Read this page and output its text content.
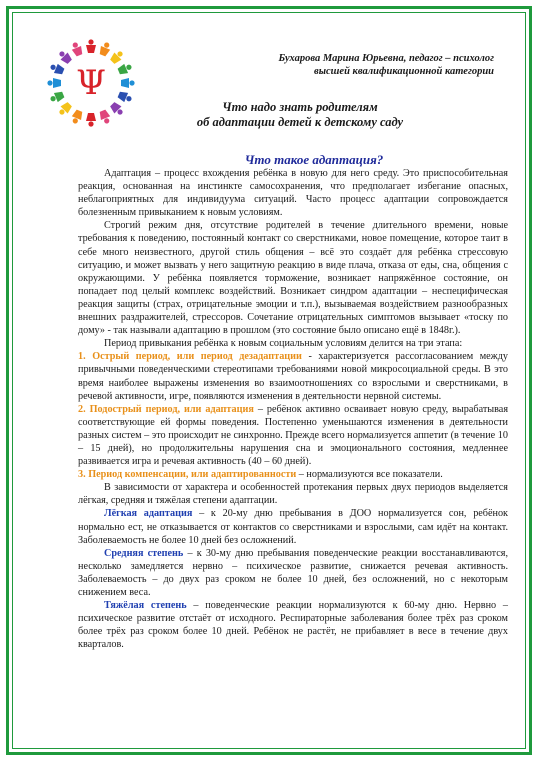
Ψ
Бухарова Марина Юрьевна, педагог – психолог
высшей квалификационной категории
Что надо знать родителям
об адаптации детей к детскому саду
Что такое адаптация?

Адаптация – процесс вхождения ребёнка в новую для него среду. Это приспособительная реакция, основанная на инстинкте самосохранения, что предполагает избегание опасных, неблагоприятных для индивидуума ситуаций. Часто процесс адаптации сопровождается болезненным привыканием к новым условиям.

Строгий режим дня, отсутствие родителей в течение длительного времени, новые требования к поведению, постоянный контакт со сверстниками, новое помещение, которое таит в себе много неизвестного, другой стиль общения – всё это создаёт для ребёнка стрессовую ситуацию, и может вызвать у него защитную реакцию в виде плача, отказа от еды, сна, общения с окружающими. У ребёнка появляется торможение, возникает напряжённое состояние, он попадает под целый комплекс воздействий. Возникает синдром адаптации – неспецифическая реакция защиты (страх, отрицательные эмоции и т.п.), вызываемая воздействием разнообразных внешних раздражителей, стрессоров. Сочетание отрицательных симптомов вызывает «тоску по дому» - так называли адаптацию в прошлом (это состояние было описано ещё в 1848г.).

Период привыкания ребёнка к новым социальным условиям делится на три этапа:

1. Острый период, или период дезадаптации - характеризуется рассогласованием между привычными поведенческими стереотипами требованиями новой микросоциальной среды. В это время наиболее выражены изменения во взаимоотношениях со взрослыми и сверстниками, в речевой активности, игре, появляются изменения в деятельности нервной системы.

2. Подострый период, или адаптация – ребёнок активно осваивает новую среду, вырабатывая соответствующие ей формы поведения. Постепенно уменьшаются изменения в деятельности разных систем – это происходит не синхронно. Прежде всего нормализуется аппетит (в течение 10 – 15 дней), но продолжительны нарушения сна и эмоционального состояния, медленнее развивается игра и речевая активность (40 – 60 дней).

3. Период компенсации, или адаптированности – нормализуются все показатели.

В зависимости от характера и особенностей протекания первых двух периодов выделяется лёгкая, средняя и тяжёлая степени адаптации.

Лёгкая адаптация – к 20-му дню пребывания в ДОО нормализуется сон, ребёнок нормально ест, не отказывается от контактов со сверстниками и взрослыми, сам идёт на контакт. Заболеваемость не более 10 дней без осложнений.

Средняя степень – к 30-му дню пребывания поведенческие реакции восстанавливаются, несколько замедляется нервно – психическое развитие, снижается речевая активность. Заболеваемость – до двух раз сроком не более 10 дней, без осложнений, но с некоторым снижением веса.

Тяжёлая степень – поведенческие реакции нормализуются к 60-му дню. Нервно – психическое развитие отстаёт от исходного. Респираторные заболевания более трёх раз сроком более трёх раз сроком более 10 дней. Ребёнок не растёт, не прибавляет в весе в течение двух кварталов.
